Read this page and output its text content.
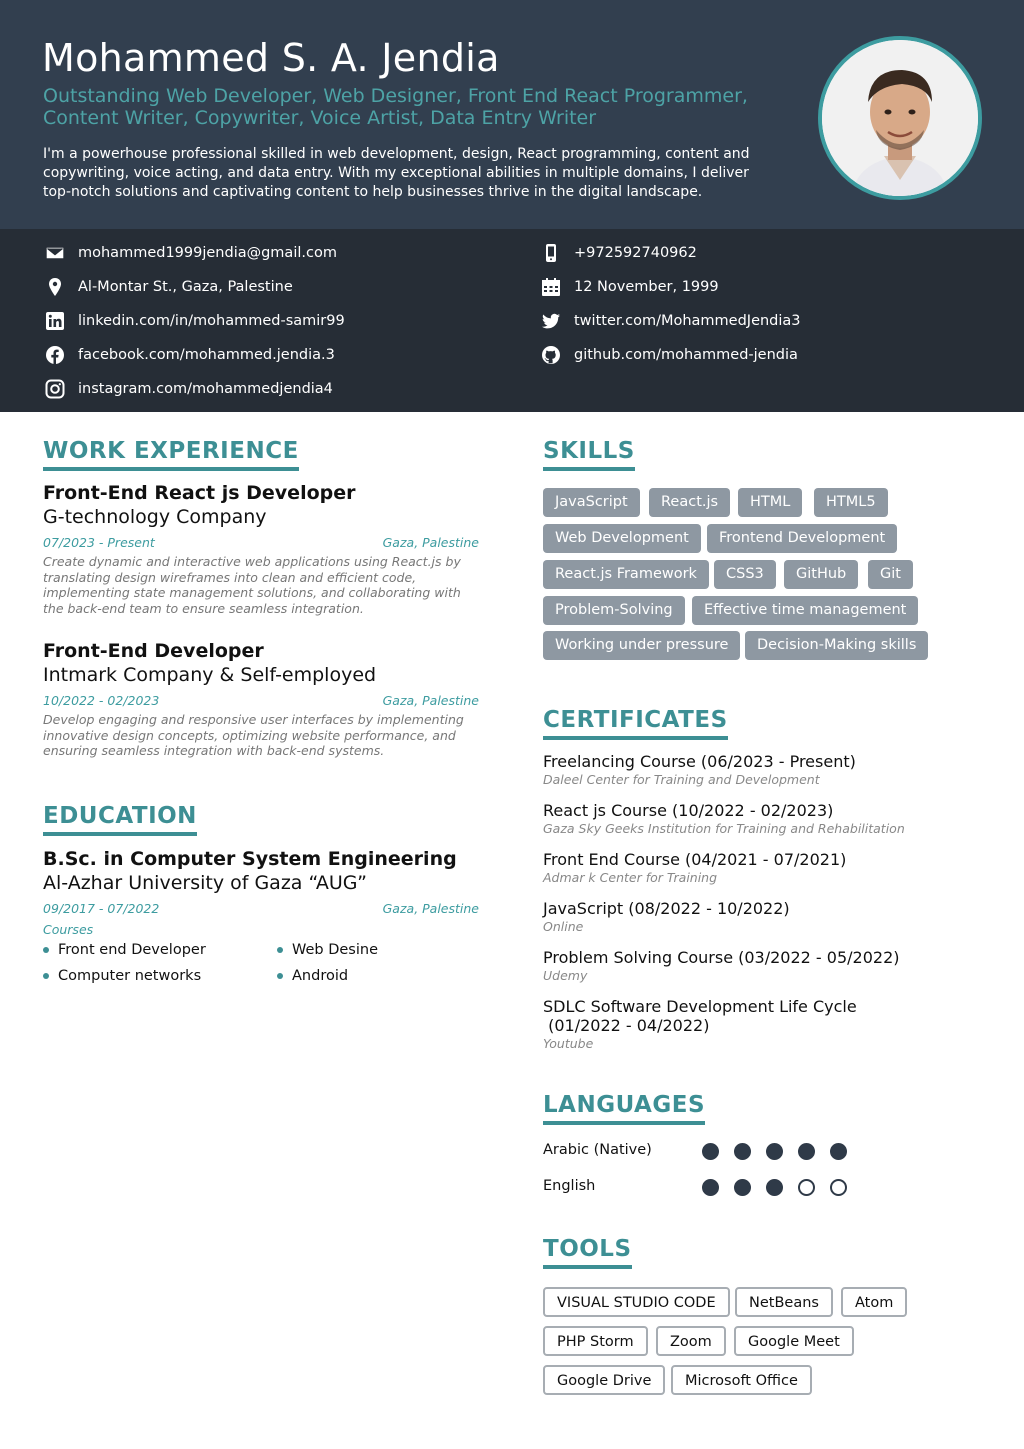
Mohammed S. A. Jendia
Outstanding Web Developer, Web Designer, Front End React Programmer,
Content Writer, Copywriter, Voice Artist, Data Entry Writer
I'm a powerhouse professional skilled in web development, design, React programming, content and copywriting, voice acting, and data entry. With my exceptional abilities in multiple domains, I deliver top-notch solutions and captivating content to help businesses thrive in the digital landscape.
mohammed1999jendia@gmail.com	+972592740962
Al-Montar St., Gaza, Palestine	12 November, 1999
linkedin.com/in/mohammed-samir99	twitter.com/MohammedJendia3
facebook.com/mohammed.jendia.3	github.com/mohammed-jendia
instagram.com/mohammedjendia4
WORK EXPERIENCE
Front-End React js Developer
G-technology Company
07/2023 - Present	Gaza, Palestine
Create dynamic and interactive web applications using React.js by translating design wireframes into clean and efficient code, implementing state management solutions, and collaborating with the back-end team to ensure seamless integration.
Front-End Developer
Intmark Company & Self-employed
10/2022 - 02/2023	Gaza, Palestine
Develop engaging and responsive user interfaces by implementing innovative design concepts, optimizing website performance, and ensuring seamless integration with back-end systems.
EDUCATION
B.Sc. in Computer System Engineering
Al-Azhar University of Gaza “AUG”
09/2017 - 07/2022	Gaza, Palestine
Courses
Front end Developer	Web Desine
Computer networks	Android
SKILLS
JavaScript	React.js	HTML	HTML5
Web Development	Frontend Development
React.js Framework	CSS3	GitHub	Git
Problem-Solving	Effective time management
Working under pressure	Decision-Making skills
CERTIFICATES
Freelancing Course (06/2023 - Present)
Daleel Center for Training and Development
React js Course (10/2022 - 02/2023)
Gaza Sky Geeks Institution for Training and Rehabilitation
Front End Course (04/2021 - 07/2021)
Admar k Center for Training
JavaScript (08/2022 - 10/2022)
Online
Problem Solving Course (03/2022 - 05/2022)
Udemy
SDLC Software Development Life Cycle
(01/2022 - 04/2022)
Youtube
LANGUAGES
Arabic (Native)
English
TOOLS
VISUAL STUDIO CODE	NetBeans	Atom
PHP Storm	Zoom	Google Meet
Google Drive	Microsoft Office
